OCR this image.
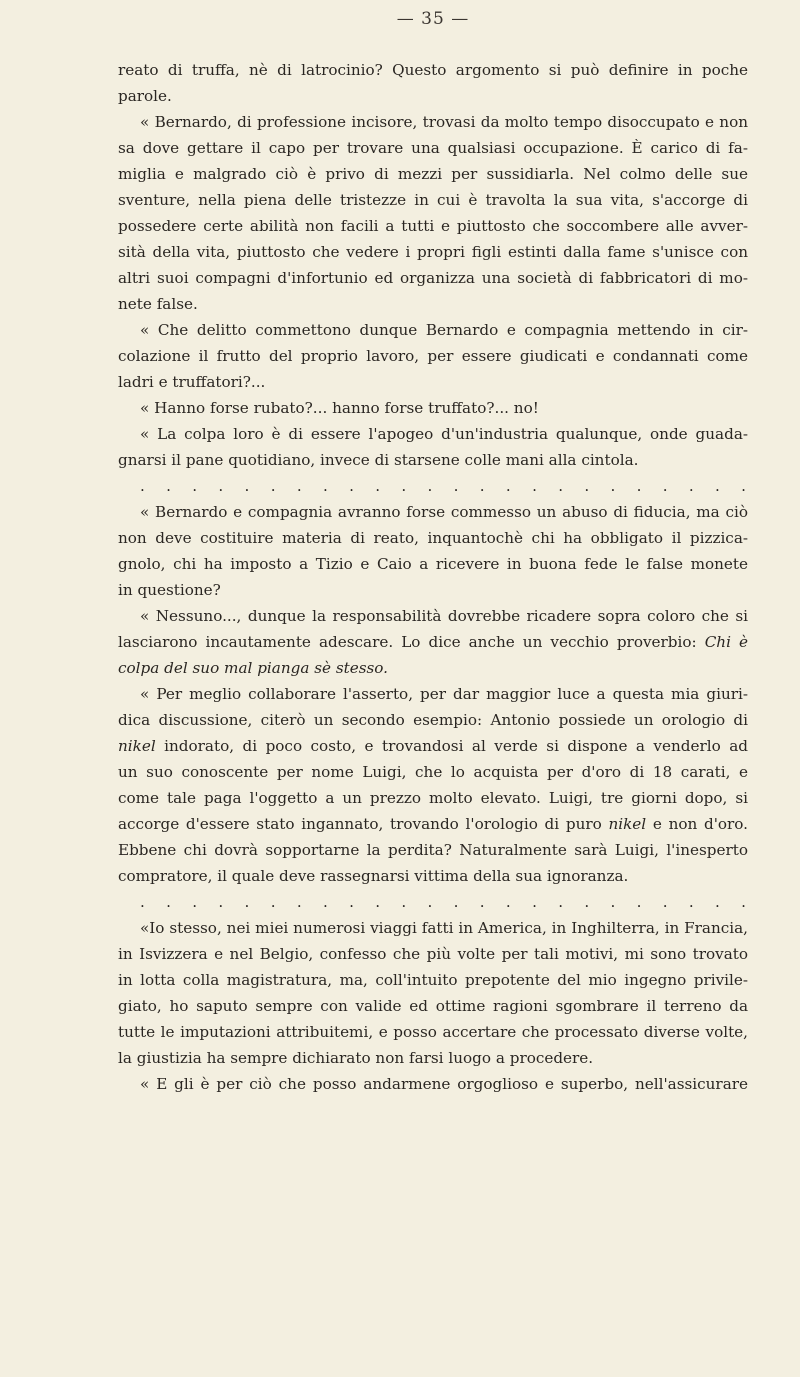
— 35 —
reato di truffa, nè di latrocinio? Questo argomento si può definire in poche
parole.
« Bernardo, di professione incisore, trovasi da molto tempo disoccupato e non
sa dove gettare il capo per trovare una qualsiasi occupazione. È carico di fa-
miglia e malgrado ciò è privo di mezzi per sussidiarla. Nel colmo delle sue
sventure, nella piena delle tristezze in cui è travolta la sua vita, s'accorge di
possedere certe abilità non facili a tutti e piuttosto che soccombere alle avver-
sità della vita, piuttosto che vedere i propri figli estinti dalla fame s'unisce con
altri suoi compagni d'infortunio ed organizza una società di fabbricatori di mo-
nete false.
« Che delitto commettono dunque Bernardo e compagnia mettendo in cir-
colazione il frutto del proprio lavoro, per essere giudicati e condannati come
ladri e truffatori?...
« Hanno forse rubato?... hanno forse truffato?... no!
« La colpa loro è di essere l'apogeo d'un'industria qualunque, onde guada-
gnarsi il pane quotidiano, invece di starsene colle mani alla cintola.
. . . . . . . . . . . . . . . . . . . . . . . .
« Bernardo e compagnia avranno forse commesso un abuso di fiducia, ma ciò
non deve costituire materia di reato, inquantochè chi ha obbligato il pizzica-
gnolo, chi ha imposto a Tizio e Caio a ricevere in buona fede le false monete
in questione?
« Nessuno..., dunque la responsabilità dovrebbe ricadere sopra coloro che si
lasciarono incautamente adescare. Lo dice anche un vecchio proverbio: Chi è
colpa del suo mal pianga sè stesso.
« Per meglio collaborare l'asserto, per dar maggior luce a questa mia giuri-
dica discussione, citerò un secondo esempio: Antonio possiede un orologio di
nikel indorato, di poco costo, e trovandosi al verde si dispone a venderlo ad
un suo conoscente per nome Luigi, che lo acquista per d'oro di 18 carati, e
come tale paga l'oggetto a un prezzo molto elevato. Luigi, tre giorni dopo, si
accorge d'essere stato ingannato, trovando l'orologio di puro nikel e non d'oro.
Ebbene chi dovrà sopportarne la perdita? Naturalmente sarà Luigi, l'inesperto
compratore, il quale deve rassegnarsi vittima della sua ignoranza.
. . . . . . . . . . . . . . . . . . . . . . . .
«Io stesso, nei miei numerosi viaggi fatti in America, in Inghilterra, in Francia,
in Isvizzera e nel Belgio, confesso che più volte per tali motivi, mi sono trovato
in lotta colla magistratura, ma, coll'intuito prepotente del mio ingegno privile-
giato, ho saputo sempre con valide ed ottime ragioni sgombrare il terreno da
tutte le imputazioni attribuitemi, e posso accertare che processato diverse volte,
la giustizia ha sempre dichiarato non farsi luogo a procedere.
« E gli è per ciò che posso andarmene orgoglioso e superbo, nell'assicurare
